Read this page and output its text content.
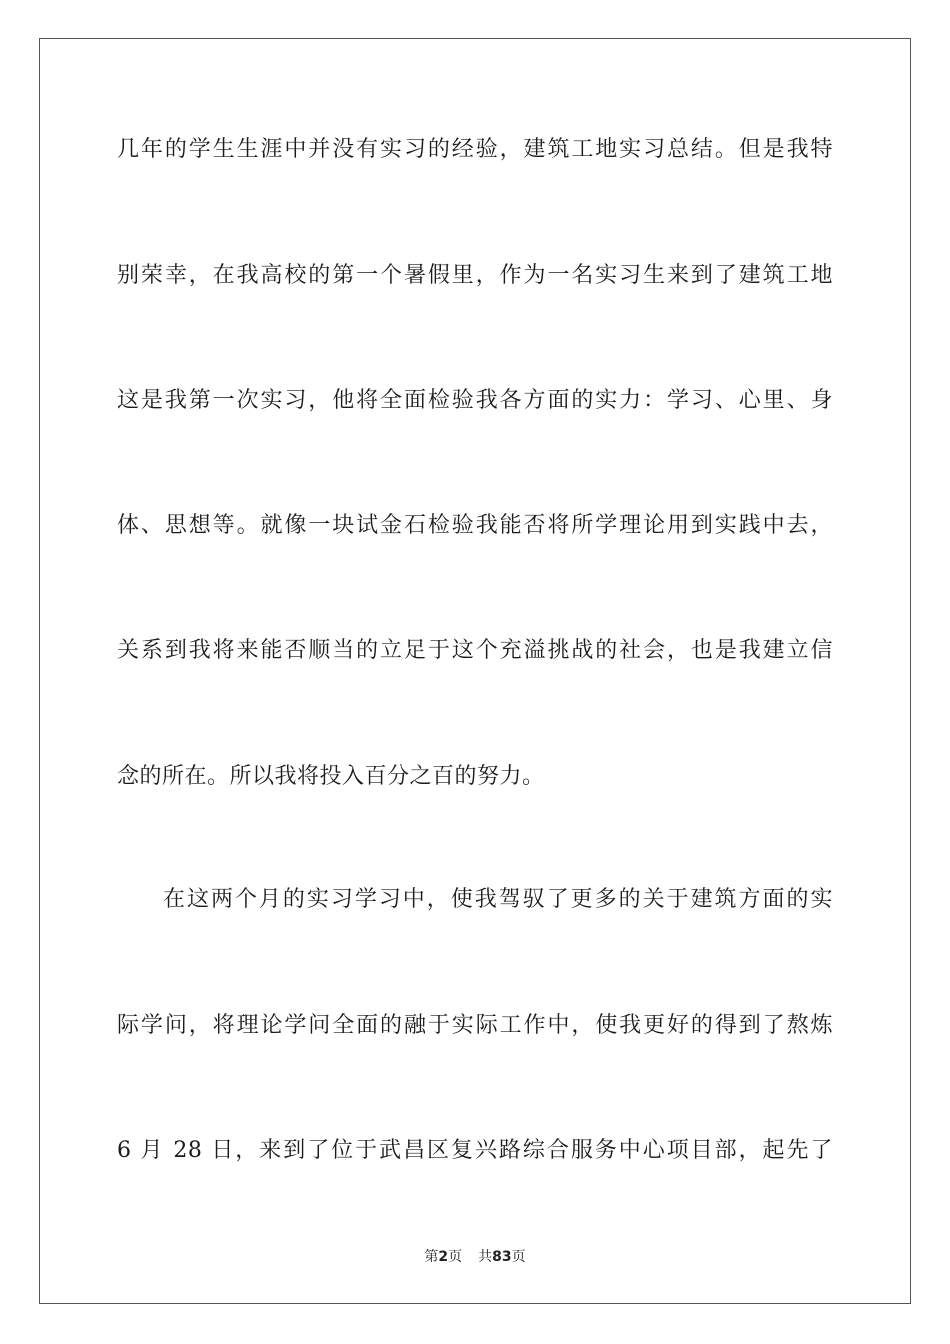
几年的学生生涯中并没有实习的经验，建筑工地实习总结。但是我特
别荣幸，在我高校的第一个暑假里，作为一名实习生来到了建筑工地
这是我第一次实习，他将全面检验我各方面的实力：学习、心里、身
体、思想等。就像一块试金石检验我能否将所学理论用到实践中去，
关系到我将来能否顺当的立足于这个充溢挑战的社会，也是我建立信
念的所在。所以我将投入百分之百的努力。
在这两个月的实习学习中，使我驾驭了更多的关于建筑方面的实
际学问，将理论学问全面的融于实际工作中，使我更好的得到了熬炼
6 月 28 日，来到了位于武昌区复兴路综合服务中心项目部，起先了
第2页 共83页
